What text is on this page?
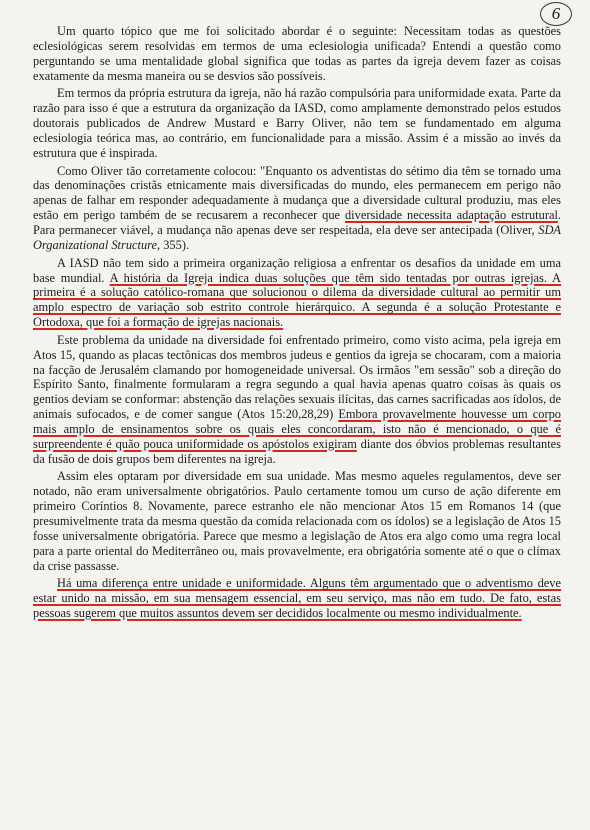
6

Um quarto tópico que me foi solicitado abordar é o seguinte: Necessitam todas as questões eclesiológicas serem resolvidas em termos de uma eclesiologia unificada? Entendi a questão como perguntando se uma mentalidade global significa que todas as partes da igreja devem fazer as coisas exatamente da mesma maneira ou se desvios são possíveis.

Em termos da própria estrutura da igreja, não há razão compulsória para uniformidade exata. Parte da razão para isso é que a estrutura da organização da IASD, como amplamente demonstrado pelos estudos doutorais publicados de Andrew Mustard e Barry Oliver, não tem se fundamentado em alguma eclesiologia teórica mas, ao contrário, em funcionalidade para a missão. Assim é a missão ao invés da estrutura que é inspirada.

Como Oliver tão corretamente colocou: "Enquanto os adventistas do sétimo dia têm se tornado uma das denominações cristãs etnicamente mais diversificadas do mundo, eles permanecem em perigo não apenas de falhar em responder adequadamente à mudança que a diversidade cultural produziu, mas eles estão em perigo também de se recusarem a reconhecer que diversidade necessita adaptação estrutural. Para permanecer viável, a mudança não apenas deve ser respeitada, ela deve ser antecipada (Oliver, SDA Organizational Structure, 355).

A IASD não tem sido a primeira organização religiosa a enfrentar os desafios da unidade em uma base mundial. A história da Igreja indica duas soluções que têm sido tentadas por outras igrejas. A primeira é a solução católico-romana que solucionou o dilema da diversidade cultural ao permitir um amplo espectro de variação sob estrito controle hierárquico. A segunda é a solução Protestante e Ortodoxa, que foi a formação de igrejas nacionais.

Este problema da unidade na diversidade foi enfrentado primeiro, como visto acima, pela igreja em Atos 15, quando as placas tectônicas dos membros judeus e gentios da igreja se chocaram, com a maioria na facção de Jerusalém clamando por homogeneidade universal. Os irmãos "em sessão" sob a direção do Espírito Santo, finalmente formularam a regra segundo a qual havia apenas quatro coisas às quais os gentios deviam se conformar: abstenção das relações sexuais ilícitas, das carnes sacrificadas aos ídolos, de animais sufocados, e de comer sangue (Atos 15:20,28,29) Embora provavelmente houvesse um corpo mais amplo de ensinamentos sobre os quais eles concordaram, isto não é mencionado, o que é surpreendente é quão pouca uniformidade os apóstolos exigiram diante dos óbvios problemas resultantes da fusão de dois grupos bem diferentes na igreja.

Assim eles optaram por diversidade em sua unidade. Mas mesmo aqueles regulamentos, deve ser notado, não eram universalmente obrigatórios. Paulo certamente tomou um curso de ação diferente em primeiro Coríntios 8. Novamente, parece estranho ele não mencionar Atos 15 em Romanos 14 (que presumivelmente trata da mesma questão da comida relacionada com os ídolos) se a legislação de Atos 15 fosse universalmente obrigatória. Parece que mesmo a legislação de Atos era algo como uma regra local para a parte oriental do Mediterrâneo ou, mais provavelmente, era obrigatória somente até o que o clímax da crise passasse.

Há uma diferença entre unidade e uniformidade. Alguns têm argumentado que o adventismo deve estar unido na missão, em sua mensagem essencial, em seu serviço, mas não em tudo. De fato, estas pessoas sugerem que muitos assuntos devem ser decididos localmente ou mesmo individualmente.
